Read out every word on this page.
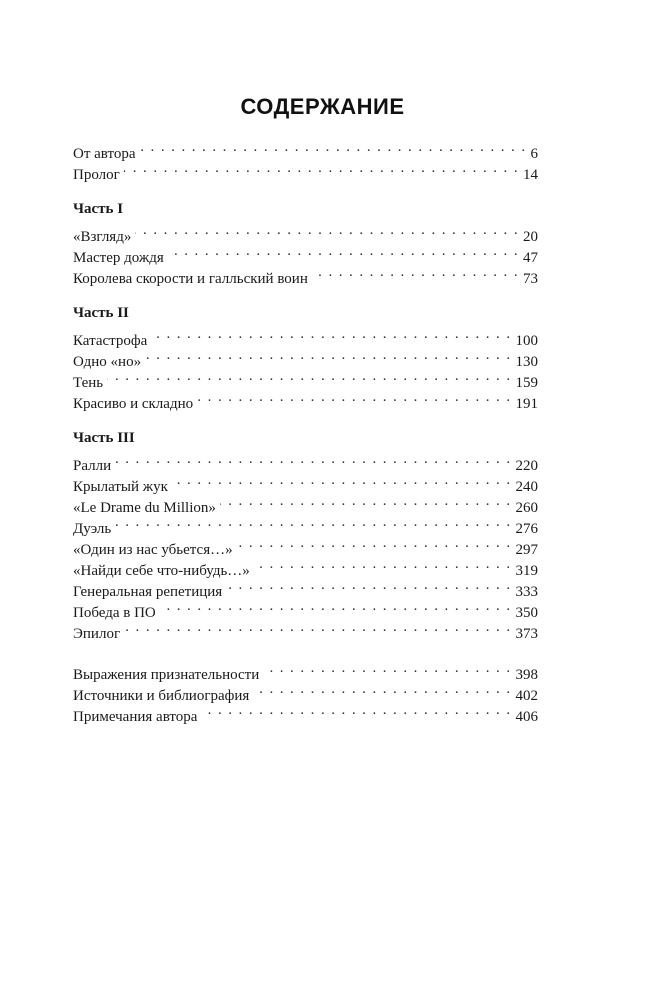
СОДЕРЖАНИЕ
От автора . . .	6
Пролог . . .	14
Часть I
«Взгляд» . . .	20
Мастер дождя . . .	47
Королева скорости и галльский воин . . .	73
Часть II
Катастрофа . . .	100
Одно «но» . . .	130
Тень . . .	159
Красиво и складно . . .	191
Часть III
Ралли . . .	220
Крылатый жук . . .	240
«Le Drame du Million» . . .	260
Дуэль . . .	276
«Один из нас убьется…» . . .	297
«Найди себе что-нибудь…» . . .	319
Генеральная репетиция . . .	333
Победа в ПО . . .	350
Эпилог . . .	373
Выражения признательности . . .	398
Источники и библиография . . .	402
Примечания автора . . .	406
